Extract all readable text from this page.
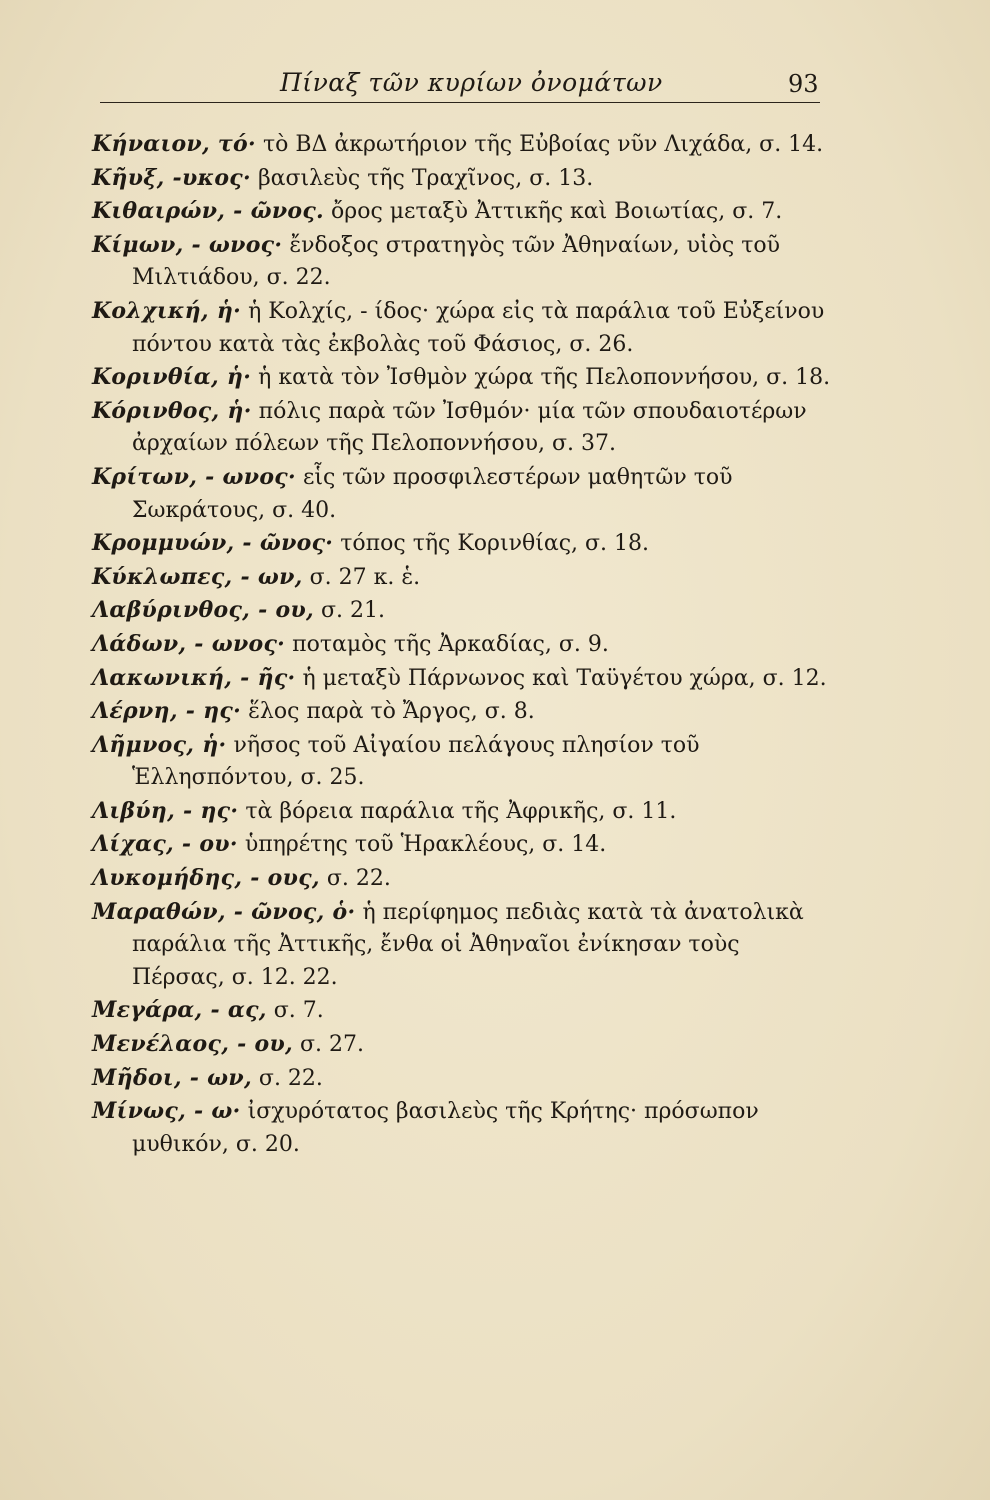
Πίναξ τῶν κυρίων ὀνομάτων	93

Κήναιον, τό· τὸ ΒΔ ἀκρωτήριον τῆς Εὐβοίας νῦν Λιχάδα, σ. 14.

Κῆυξ, -υκος· βασιλεὺς τῆς Τραχῖνος, σ. 13.

Κιθαιρών, - ῶνος. ὄρος μεταξὺ Ἀττικῆς καὶ Βοιωτίας, σ. 7.

Κίμων, - ωνος· ἔνδοξος στρατηγὸς τῶν Ἀθηναίων, υἱὸς τοῦ Μιλτιάδου, σ. 22.

Κολχική, ἡ· ἡ Κολχίς, - ίδος· χώρα εἰς τὰ παράλια τοῦ Εὐξείνου πόντου κατὰ τὰς ἐκβολὰς τοῦ Φάσιος, σ. 26.

Κορινθία, ἡ· ἡ κατὰ τὸν Ἰσθμὸν χώρα τῆς Πελοποννήσου, σ. 18.

Κόρινθος, ἡ· πόλις παρὰ τῶν Ἰσθμόν· μία τῶν σπουδαιοτέρων ἀρχαίων πόλεων τῆς Πελοποννήσου, σ. 37.

Κρίτων, - ωνος· εἷς τῶν προσφιλεστέρων μαθητῶν τοῦ Σωκράτους, σ. 40.

Κρομμυών, - ῶνος· τόπος τῆς Κορινθίας, σ. 18.

Κύκλωπες, - ων, σ. 27 κ. ἑ.

Λαβύρινθος, - ου, σ. 21.

Λάδων, - ωνος· ποταμὸς τῆς Ἀρκαδίας, σ. 9.

Λακωνική, - ῆς· ἡ μεταξὺ Πάρνωνος καὶ Ταϋγέτου χώρα, σ. 12.

Λέρνη, - ης· ἕλος παρὰ τὸ Ἄργος, σ. 8.

Λῆμνος, ἡ· νῆσος τοῦ Αἰγαίου πελάγους πλησίον τοῦ Ἑλλησπόντου, σ. 25.

Λιβύη, - ης· τὰ βόρεια παράλια τῆς Ἀφρικῆς, σ. 11.

Λίχας, - ου· ὑπηρέτης τοῦ Ἡρακλέους, σ. 14.

Λυκομήδης, - ους, σ. 22.

Μαραθών, - ῶνος, ὁ· ἡ περίφημος πεδιὰς κατὰ τὰ ἀνατολικὰ παράλια τῆς Ἀττικῆς, ἔνθα οἱ Ἀθηναῖοι ἐνίκησαν τοὺς Πέρσας, σ. 12. 22.

Μεγάρα, - ας, σ. 7.

Μενέλαος, - ου, σ. 27.

Μῆδοι, - ων, σ. 22.

Μίνως, - ω· ἰσχυρότατος βασιλεὺς τῆς Κρήτης· πρόσωπον μυθικόν, σ. 20.
